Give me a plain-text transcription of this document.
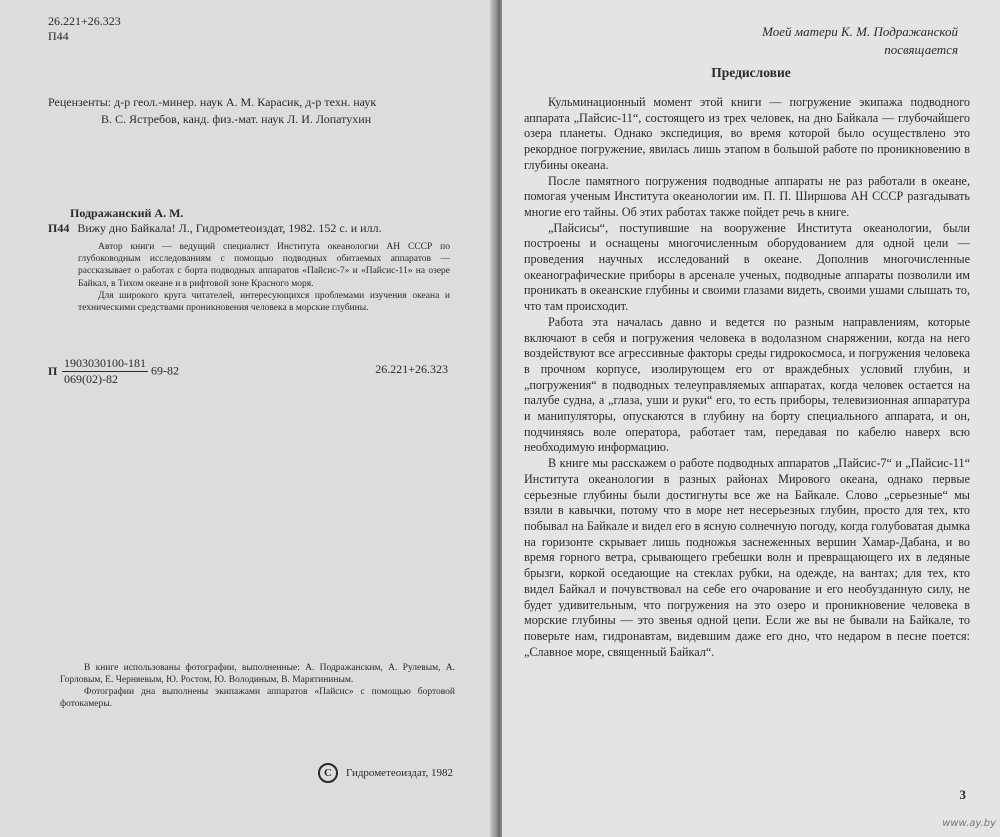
26.221+26.323
П44
Рецензенты: д-р геол.-минер. наук А. М. Карасик, д-р техн. наук
В. С. Ястребов, канд. физ.-мат. наук Л. И. Лопатухин
Подражанский А. М.
П44 Вижу дно Байкала! Л., Гидрометеоиздат, 1982. 152 с. и илл.

Автор книги — ведущий специалист Института океанологии АН СССР по глубоководным исследованиям с помощью подводных обитаемых аппаратов — рассказывает о работах с борта подводных аппаратов «Пайсис-7» и «Пайсис-11» на озере Байкал, в Тихом океане и в рифтовой зоне Красного моря.

Для широкого круга читателей, интересующихся проблемами изучения океана и техническими средствами проникновения человека в морские глубины.

П $\frac{1903030100-181}{069(02)-82} 69-82$	26.221+26.323

В книге использованы фотографии, выполненные: А. Подражанским, А. Рулевым, А. Горловым, Е. Черняевым, Ю. Ростом, Ю. Володиным, В. Марятининым.

Фотографии дна выполнены экипажами аппаратов «Пайсис» с помощью бортовой фотокамеры.

C	Гидрометеоиздат, 1982
Моей матери К. М. Подражанской
посвящается
Предисловие

Кульминационный момент этой книги — погружение экипажа подводного аппарата „Пайсис-11“, состоящего из трех человек, на дно Байкала — глубочайшего озера планеты. Однако экспедиция, во время которой было осуществлено это рекордное погружение, явилась лишь этапом в большой работе по проникновению в глубины океана.

После памятного погружения подводные аппараты не раз работали в океане, помогая ученым Института океанологии им. П. П. Ширшова АН СССР разгадывать многие его тайны. Об этих работах также пойдет речь в книге.

„Пайсисы“, поступившие на вооружение Института океанологии, были построены и оснащены многочисленным оборудованием для одной цели — проведения научных исследований в океане. Дополнив многочисленные океанографические приборы в арсенале ученых, подводные аппараты позволили им проникать в океанские глубины и своими глазами видеть, своими ушами слышать то, что там происходит.

Работа эта началась давно и ведется по разным направлениям, которые включают в себя и погружения человека в водолазном снаряжении, когда на него воздействуют все агрессивные факторы среды гидрокосмоса, и погружения человека в прочном корпусе, изолирующем его от враждебных условий глубин, и „погружения“ в подводных телеуправляемых аппаратах, когда человек остается на палубе судна, а „глаза, уши и руки“ его, то есть приборы, телевизионная аппаратура и манипуляторы, опускаются в глубину на борту специального аппарата, и он, подчиняясь воле оператора, работает там, передавая по кабелю наверх всю необходимую информацию.

В книге мы расскажем о работе подводных аппаратов „Пайсис-7“ и „Пайсис-11“ Института океанологии в разных районах Мирового океана, однако первые серьезные глубины были достигнуты все же на Байкале. Слово „серьезные“ мы взяли в кавычки, потому что в море нет несерьезных глубин, просто для тех, кто побывал на Байкале и видел его в ясную солнечную погоду, когда голубоватая дымка на горизонте скрывает лишь подножья заснеженных вершин Хамар-Дабана, и во время горного ветра, срывающего гребешки волн и превращающего их в ледяные брызги, коркой оседающие на стеклах рубки, на одежде, на вантах; для тех, кто видел Байкал и почувствовал на себе его очарование и его необузданную силу, не будет удивительным, что погружения на это озеро и проникновение человека в морские глубины — это звенья одной цепи. Если же вы не бывали на Байкале, то поверьте нам, гидронавтам, видевшим даже его дно, что недаром в песне поется: „Славное море, священный Байкал“.

3
www.ay.by
